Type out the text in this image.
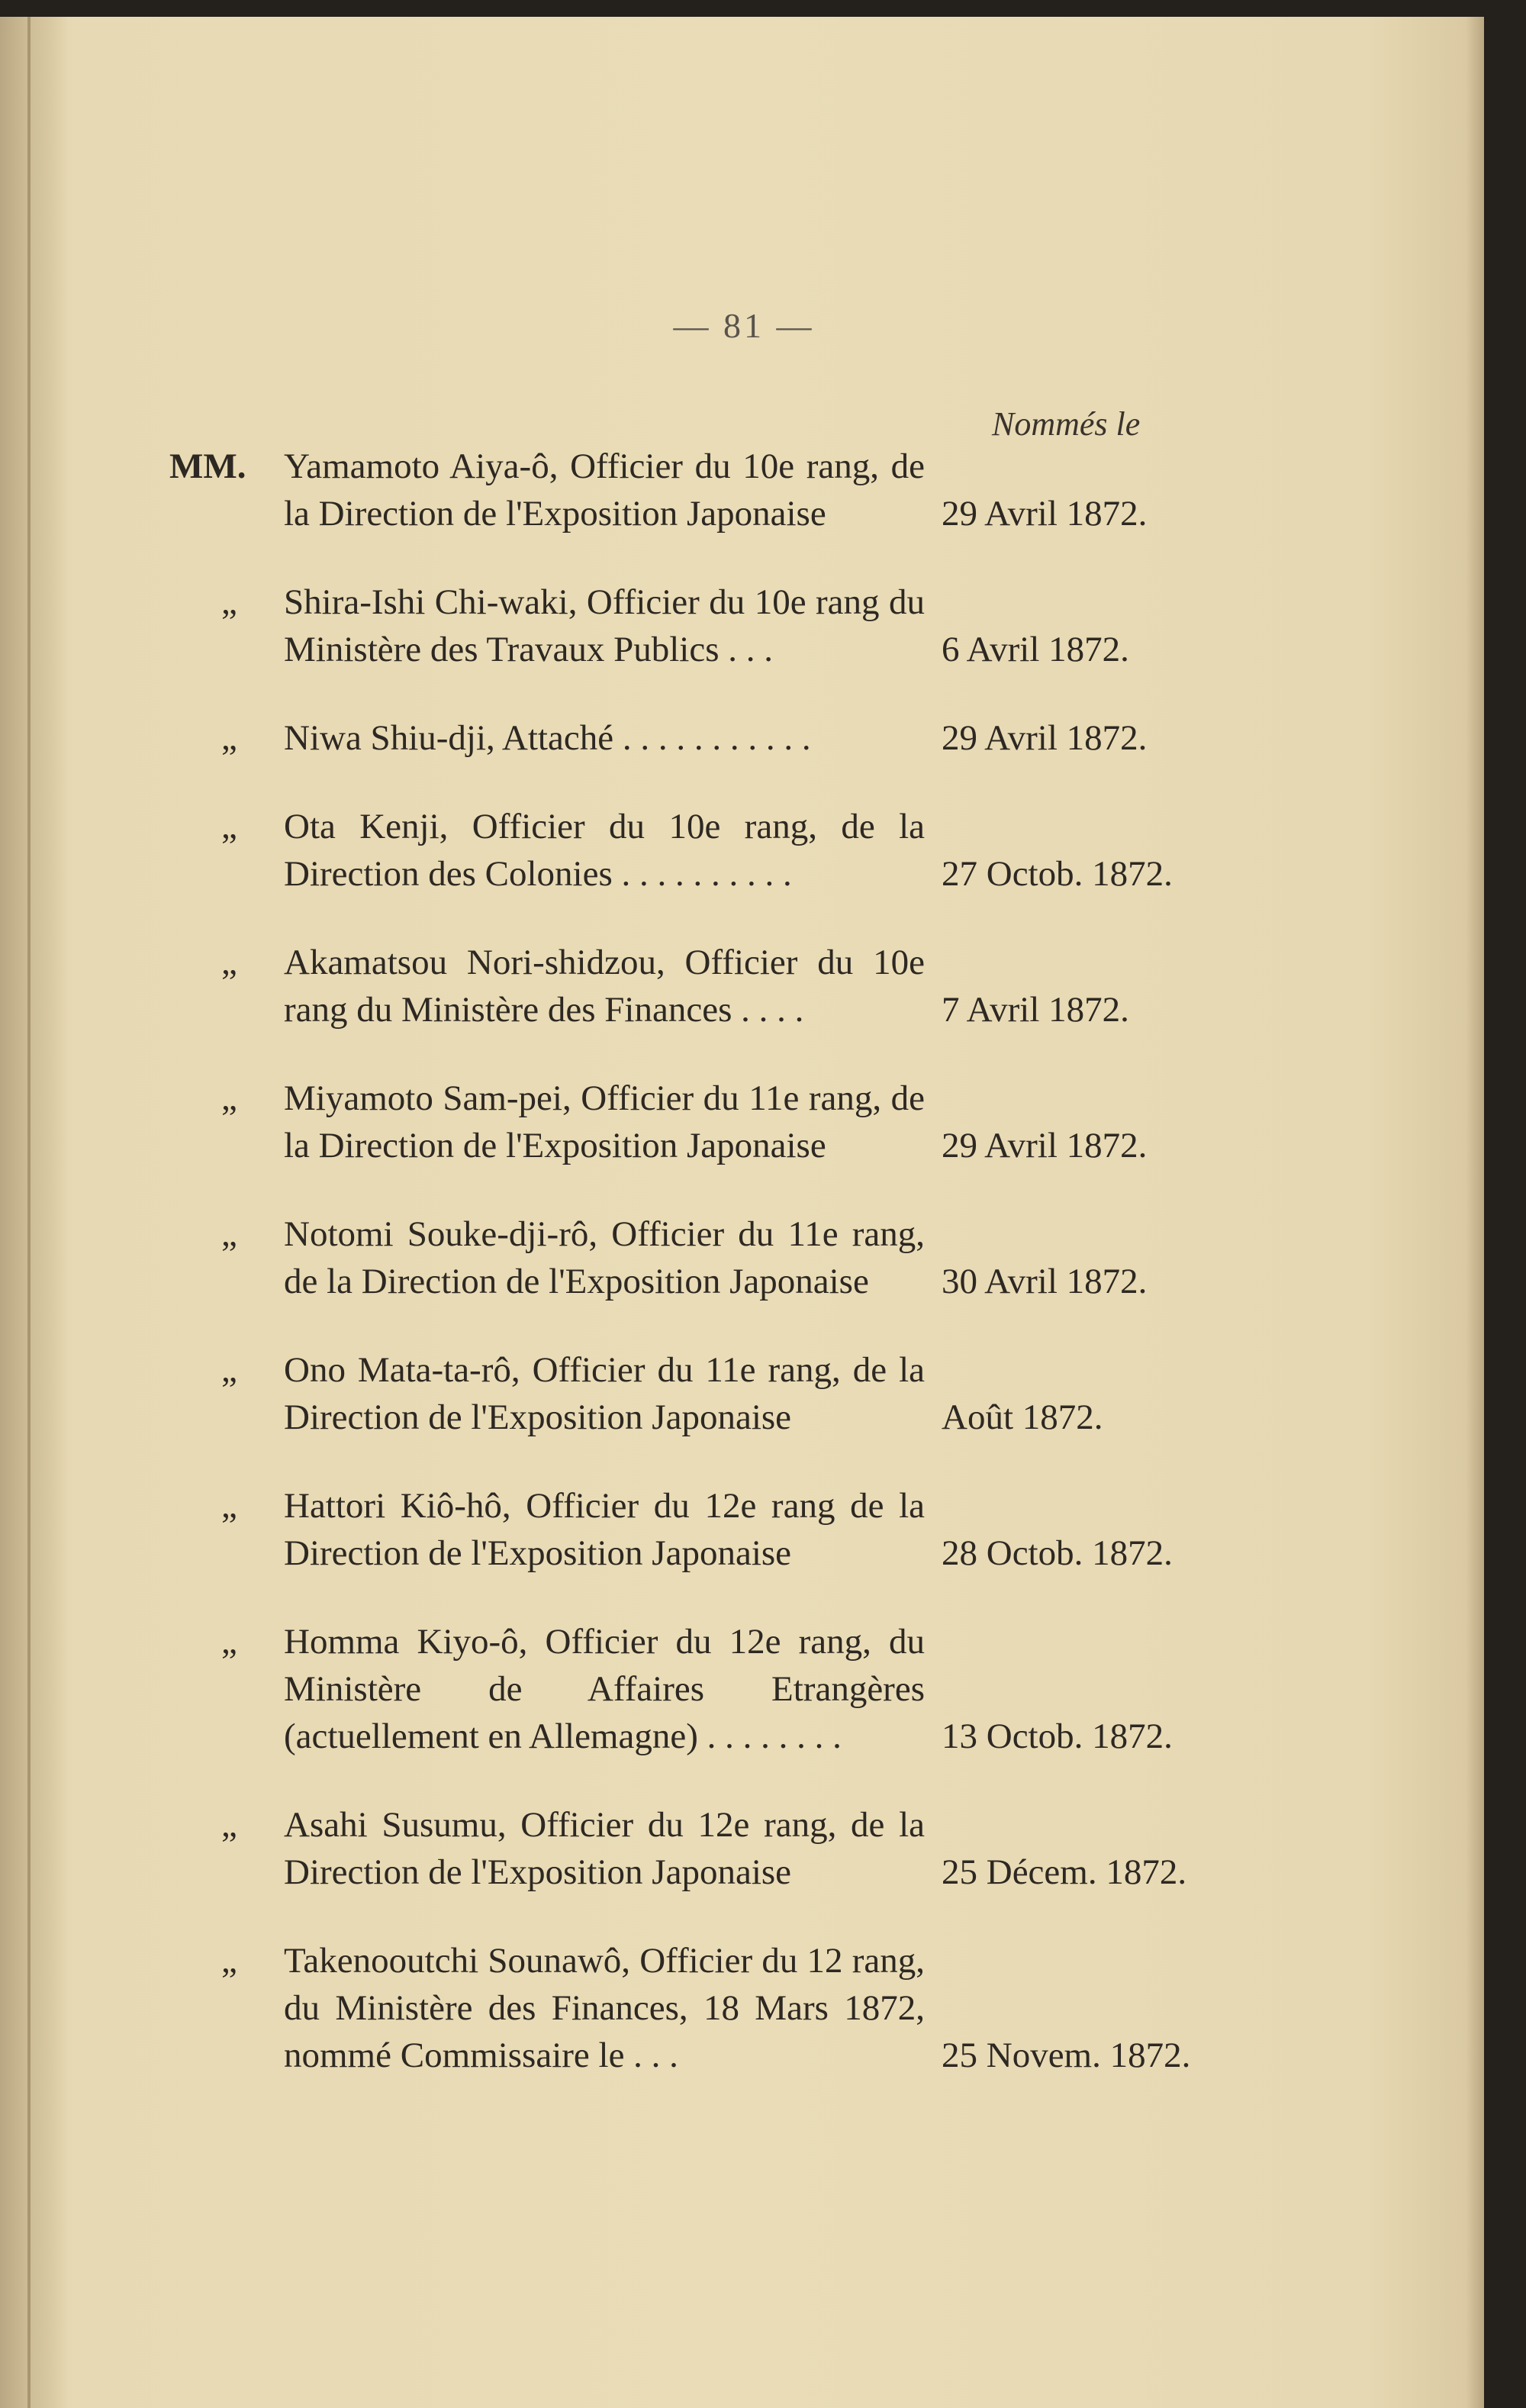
— 81 —
Nommés le
MM.	Yamamoto Aiya-ô, Officier du 10e rang, de la Direction de l'Exposition Japonaise	29 Avril 1872.
„	Shira-Ishi Chi-waki, Officier du 10e rang du Ministère des Travaux Publics . . .	6 Avril 1872.
„	Niwa Shiu-dji, Attaché . . . . . . . . . . .	29 Avril 1872.
„	Ota Kenji, Officier du 10e rang, de la Direction des Colonies . . . . . . . . . .	27 Octob. 1872.
„	Akamatsou Nori-shidzou, Officier du 10e rang du Ministère des Finances . . . .	7 Avril 1872.
„	Miyamoto Sam-pei, Officier du 11e rang, de la Direction de l'Exposition Japonaise	29 Avril 1872.
„	Notomi Souke-dji-rô, Officier du 11e rang, de la Direction de l'Exposition Japonaise	30 Avril 1872.
„	Ono Mata-ta-rô, Officier du 11e rang, de la Direction de l'Exposition Japonaise	Août 1872.
„	Hattori Kiô-hô, Officier du 12e rang de la Direction de l'Exposition Japonaise	28 Octob. 1872.
„	Homma Kiyo-ô, Officier du 12e rang, du Ministère de Affaires Etrangères (actuellement en Allemagne) . . . . . . . .	13 Octob. 1872.
„	Asahi Susumu, Officier du 12e rang, de la Direction de l'Exposition Japonaise	25 Décem. 1872.
„	Takenooutchi Sounawô, Officier du 12 rang, du Ministère des Finances, 18 Mars 1872, nommé Commissaire le . . .	25 Novem. 1872.
